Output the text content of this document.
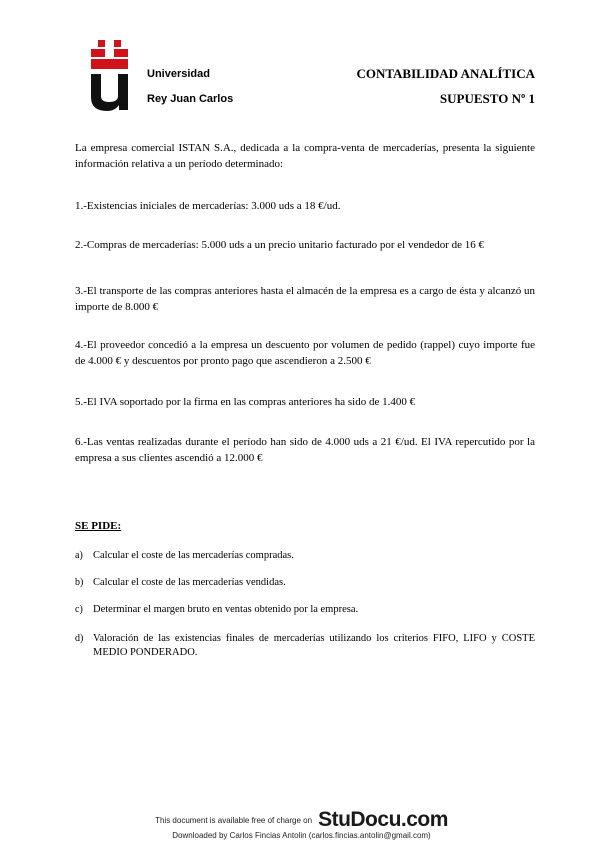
Universidad
Rey Juan Carlos
CONTABILIDAD ANALÍTICA
SUPUESTO Nº 1

La empresa comercial ISTAN S.A., dedicada a la compra-venta de mercaderías, presenta la siguiente información relativa a un período determinado:

1.-Existencias iniciales de mercaderías: 3.000 uds a 18 €/ud.

2.-Compras de mercaderías: 5.000 uds a un precio unitario facturado por el vendedor de 16 €

3.-El transporte de las compras anteriores hasta el almacén de la empresa es a cargo de ésta y alcanzó un importe de 8.000 €

4.-El proveedor concedió a la empresa un descuento por volumen de pedido (rappel) cuyo importe fue de 4.000 € y descuentos por pronto pago que ascendieron a 2.500 €

5.-El IVA soportado por la firma en las compras anteriores ha sido de 1.400 €

6.-Las ventas realizadas durante el período han sido de 4.000 uds a 21 €/ud. El IVA repercutido por la empresa a sus clientes ascendió a 12.000 €

SE PIDE:
a) Calcular el coste de las mercaderías compradas.
b) Calcular el coste de las mercaderías vendidas.
c) Determinar el margen bruto en ventas obtenido por la empresa.
d) Valoración de las existencias finales de mercaderías utilizando los criterios FIFO, LIFO y COSTE MEDIO PONDERADO.
This document is available free of charge on StuDocu.com
Downloaded by Carlos Fincias Antolin (carlos.fincias.antolin@gmail.com)
